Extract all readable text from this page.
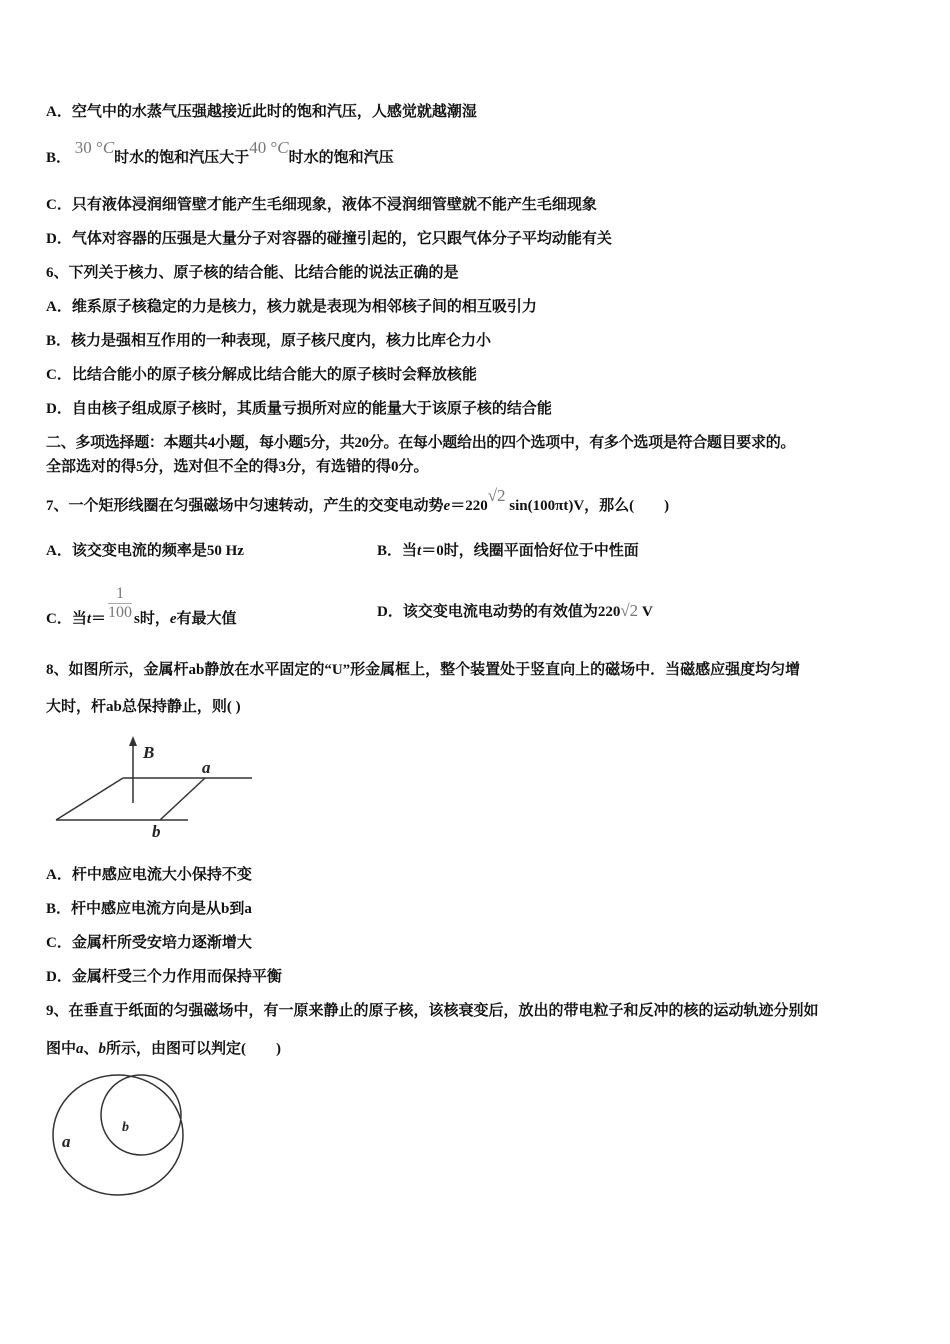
A．空气中的水蒸气压强越接近此时的饱和汽压，人感觉就越潮湿
B． 30 °C时水的饱和汽压大于40 °C时水的饱和汽压
C．只有液体浸润细管壁才能产生毛细现象，液体不浸润细管壁就不能产生毛细现象
D．气体对容器的压强是大量分子对容器的碰撞引起的，它只跟气体分子平均动能有关
6、下列关于核力、原子核的结合能、比结合能的说法正确的是
A．维系原子核稳定的力是核力，核力就是表现为相邻核子间的相互吸引力
B．核力是强相互作用的一种表现，原子核尺度内，核力比库仑力小
C．比结合能小的原子核分解成比结合能大的原子核时会释放核能
D．自由核子组成原子核时，其质量亏损所对应的能量大于该原子核的结合能
二、多项选择题：本题共4小题，每小题5分，共20分。在每小题给出的四个选项中，有多个选项是符合题目要求的。
全部选对的得5分，选对但不全的得3分，有选错的得0分。
7、一个矩形线圈在匀强磁场中匀速转动，产生的交变电动势e＝220√2 sin(100πt)V，那么(　　)
A．该交变电流的频率是50 Hz	B．当t＝0时，线圈平面恰好位于中性面
C．当$t= \frac{1}{100}$ s时，e有最大值	D．该交变电流电动势的有效值为220√2 V
8、如图所示，金属杆ab静放在水平固定的“U”形金属框上，整个装置处于竖直向上的磁场中．当磁感应强度均匀增
大时，杆ab总保持静止，则( )
B
a
b
a
b
A．杆中感应电流大小保持不变
B．杆中感应电流方向是从b到a
C．金属杆所受安培力逐渐增大
D．金属杆受三个力作用而保持平衡
9、在垂直于纸面的匀强磁场中，有一原来静止的原子核，该核衰变后，放出的带电粒子和反冲的核的运动轨迹分别如
图中a、b所示，由图可以判定(　　)
